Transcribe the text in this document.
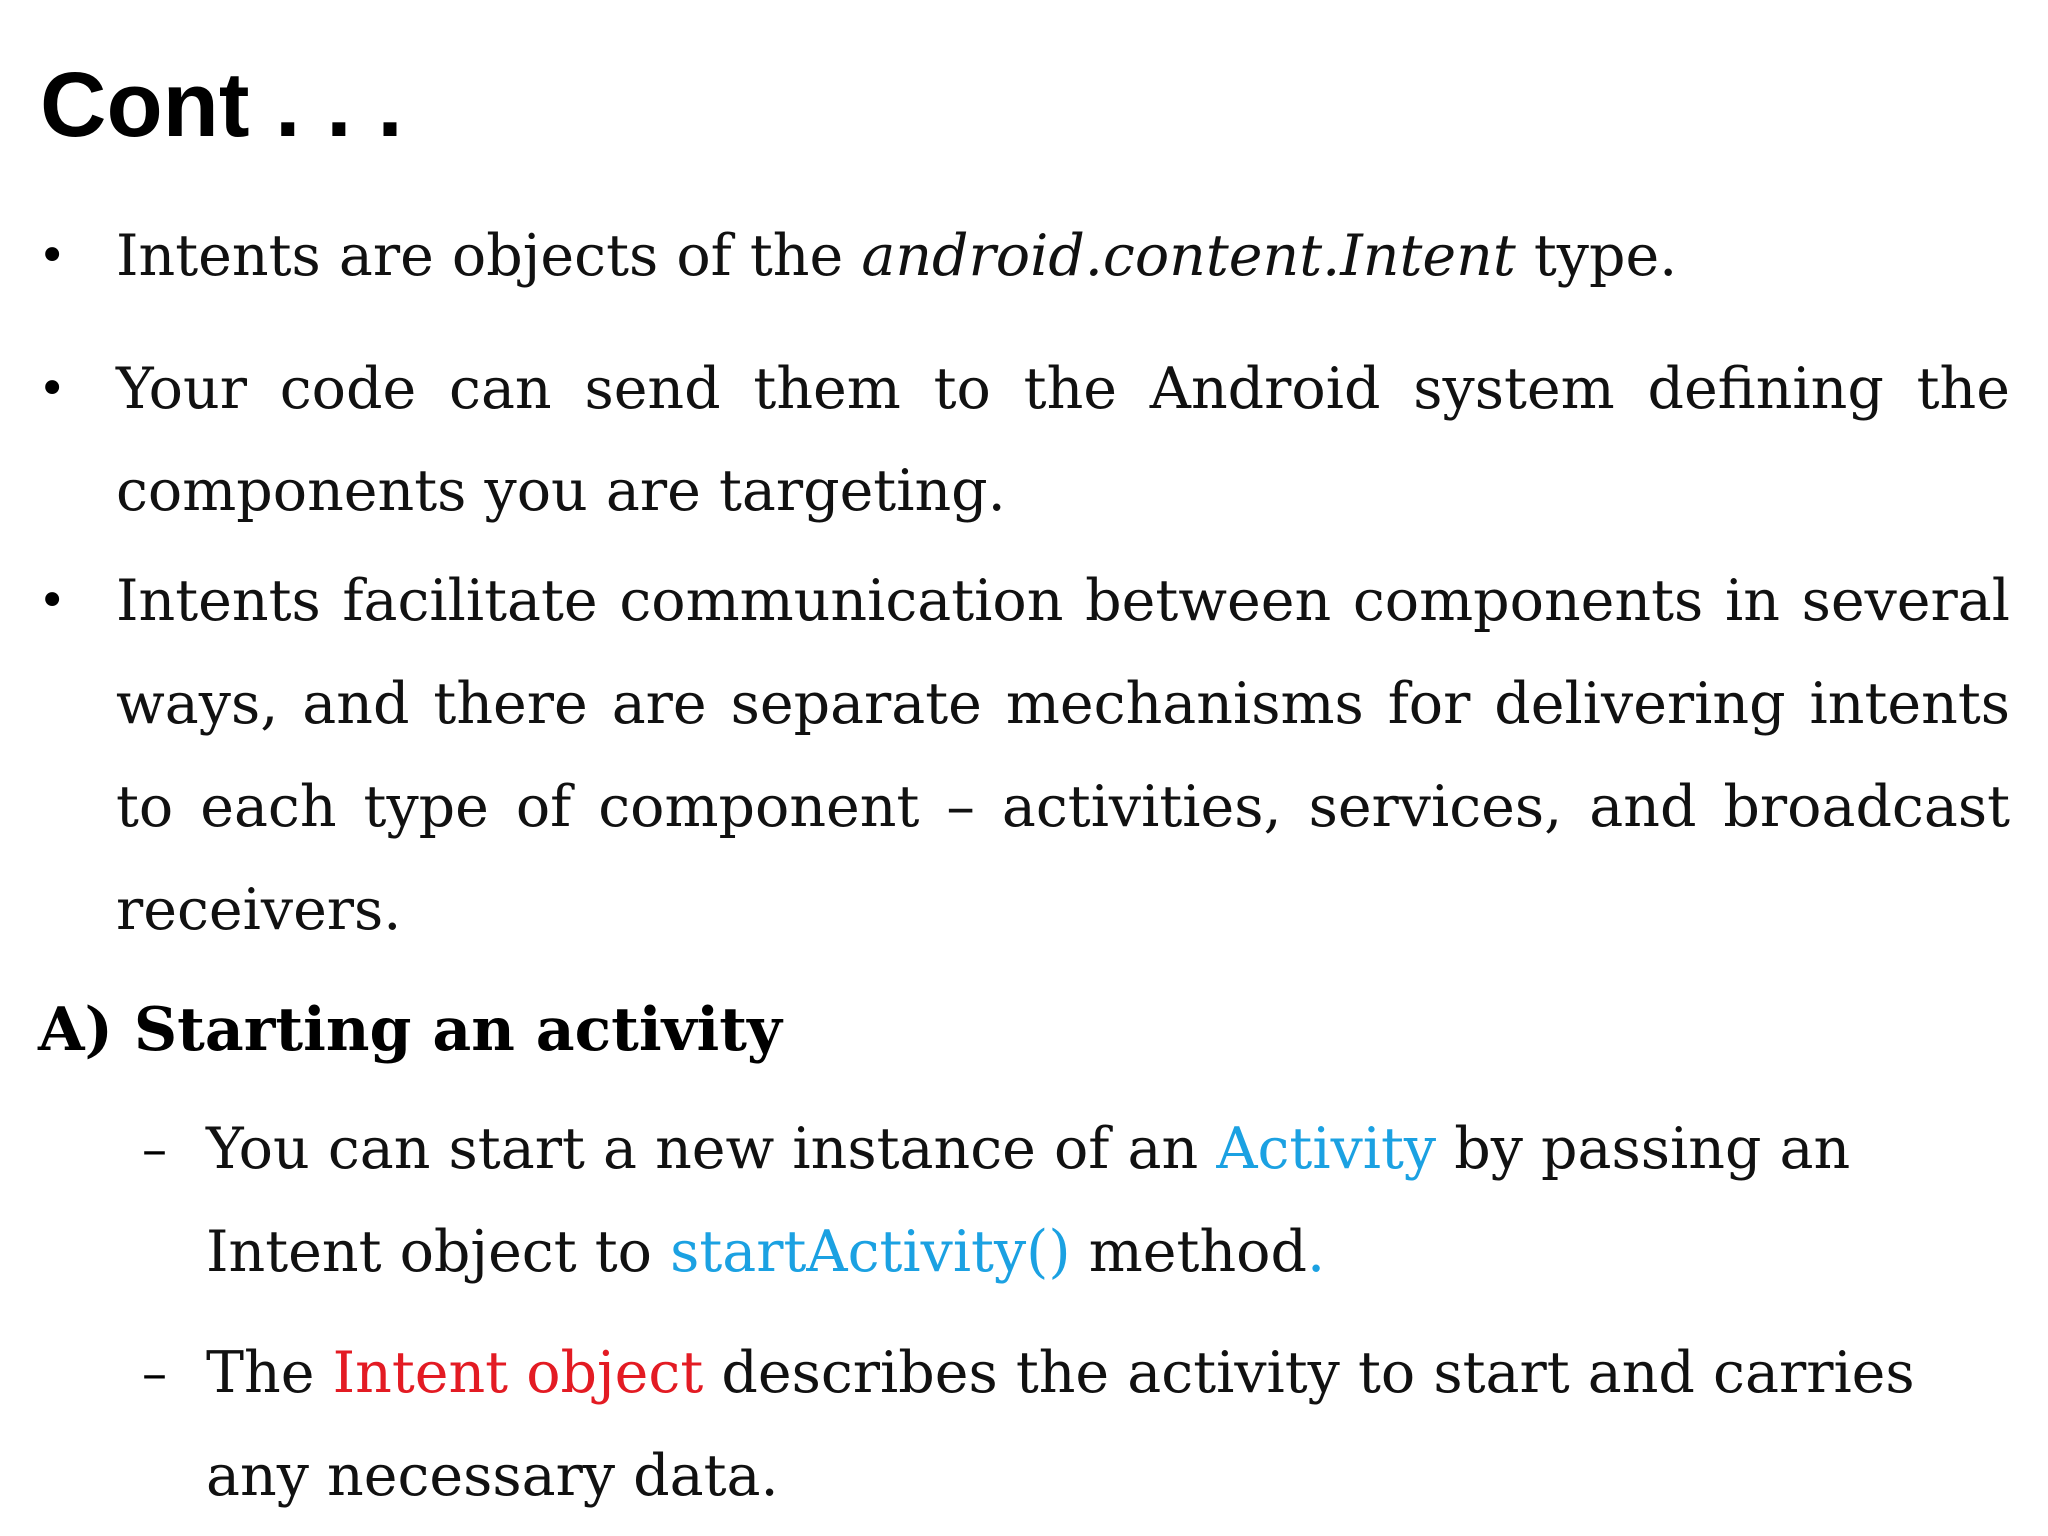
Cont . . .
• Intents are objects of the android.content.Intent type.
• Your code can send them to the Android system defining the components you are targeting.
• Intents facilitate communication between components in several ways, and there are separate mechanisms for delivering intents to each type of component – activities, services, and broadcast receivers.
A) Starting an activity
– You can start a new instance of an Activity by passing an Intent object to startActivity() method.
– The Intent object describes the activity to start and carries any necessary data.
